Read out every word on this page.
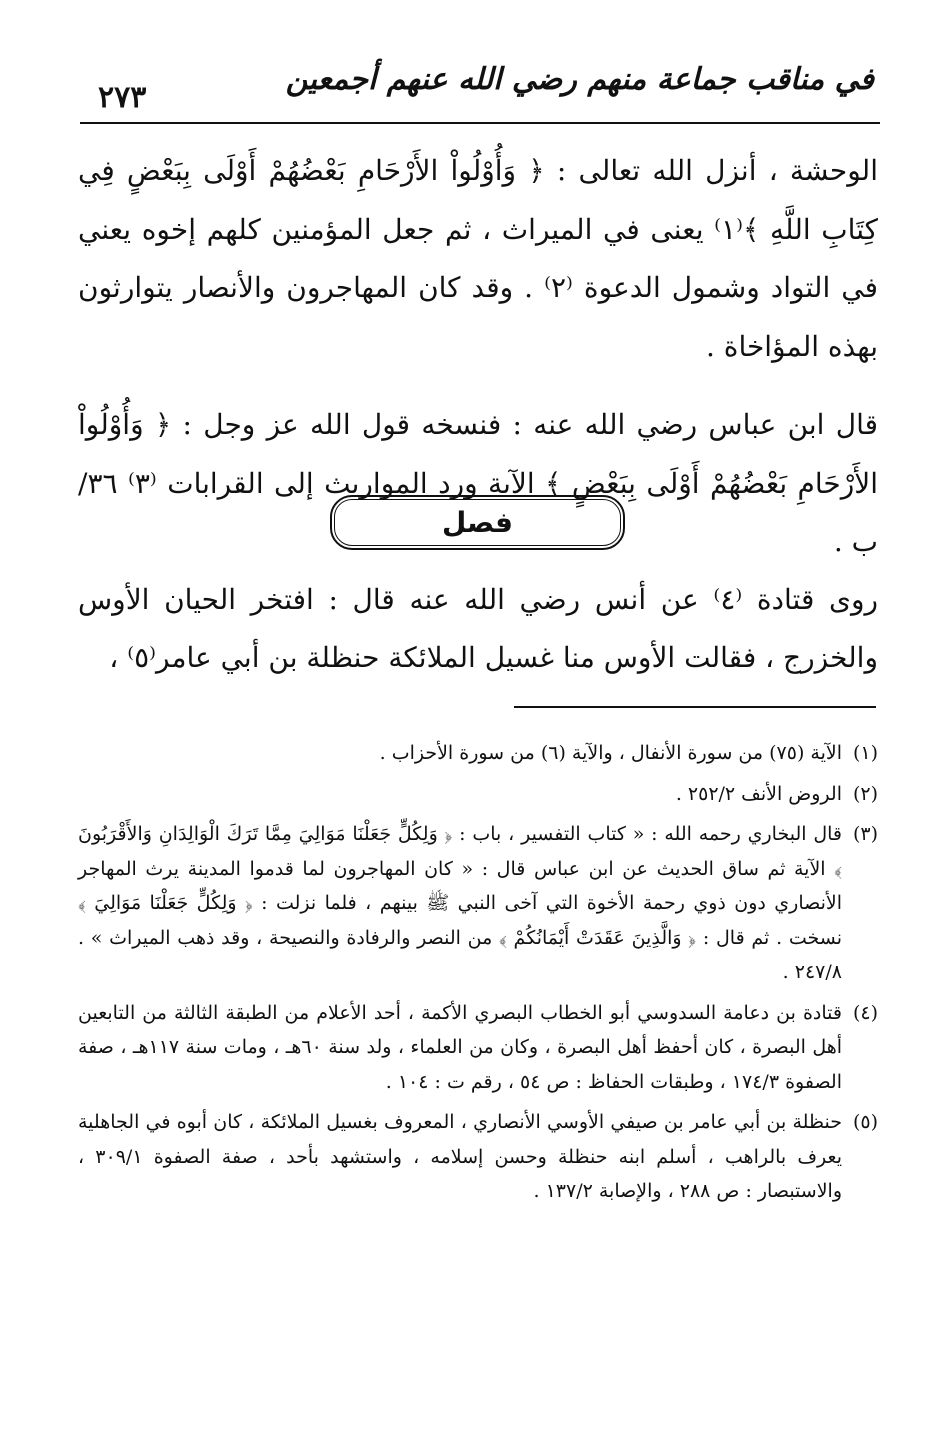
٢٧٣
في مناقب جماعة منهم رضي الله عنهم أجمعين

الوحشة ، أنزل الله تعالى : ﴿ وَأُوْلُواْ الأَرْحَامِ بَعْضُهُمْ أَوْلَى بِبَعْضٍ فِي كِتَابِ اللَّهِ ﴾⁽١⁾ يعنى في الميراث ، ثم جعل المؤمنين كلهم إخوه يعني في التواد وشمول الدعوة ⁽٢⁾ . وقد كان المهاجرون والأنصار يتوارثون بهذه المؤاخاة .

قال ابن عباس رضي الله عنه : فنسخه قول الله عز وجل : ﴿ وَأُوْلُواْ الأَرْحَامِ بَعْضُهُمْ أَوْلَى بِبَعْضٍ ﴾ الآية ورد المواريث إلى القرابات ⁽٣⁾ ٣٦/ ب .

فصل

روى قتادة ⁽٤⁾ عن أنس رضي الله عنه قال : افتخر الحيان الأوس والخزرج ، فقالت الأوس منا غسيل الملائكة حنظلة بن أبي عامر⁽٥⁾ ،

(١)
الآية (٧٥) من سورة الأنفال ، والآية (٦) من سورة الأحزاب .
(٢)
الروض الأنف ٢٥٢/٢ .
(٣)
قال البخاري رحمه الله : « كتاب التفسير ، باب : ﴿ وَلِكُلٍّ جَعَلْنَا مَوَالِيَ مِمَّا تَرَكَ الْوَالِدَانِ وَالأَقْرَبُونَ ﴾ الآية ثم ساق الحديث عن ابن عباس قال : « كان المهاجرون لما قدموا المدينة يرث المهاجر الأنصاري دون ذوي رحمة الأخوة التي آخى النبي ﷺ بينهم ، فلما نزلت : ﴿ وَلِكُلٍّ جَعَلْنَا مَوَالِيَ ﴾ نسخت . ثم قال : ﴿ وَالَّذِينَ عَقَدَتْ أَيْمَانُكُمْ ﴾ من النصر والرفادة والنصيحة ، وقد ذهب الميراث » . ٢٤٧/٨ .
(٤)
قتادة بن دعامة السدوسي أبو الخطاب البصري الأكمة ، أحد الأعلام من الطبقة الثالثة من التابعين أهل البصرة ، كان أحفظ أهل البصرة ، وكان من العلماء ، ولد سنة ٦٠هـ ، ومات سنة ١١٧هـ ، صفة الصفوة ١٧٤/٣ ، وطبقات الحفاظ : ص ٥٤ ، رقم ت : ١٠٤ .
(٥)
حنظلة بن أبي عامر بن صيفي الأوسي الأنصاري ، المعروف بغسيل الملائكة ، كان أبوه في الجاهلية يعرف بالراهب ، أسلم ابنه حنظلة وحسن إسلامه ، واستشهد بأحد ، صفة الصفوة ٣٠٩/١ ، والاستبصار : ص ٢٨٨ ، والإصابة ١٣٧/٢ .
